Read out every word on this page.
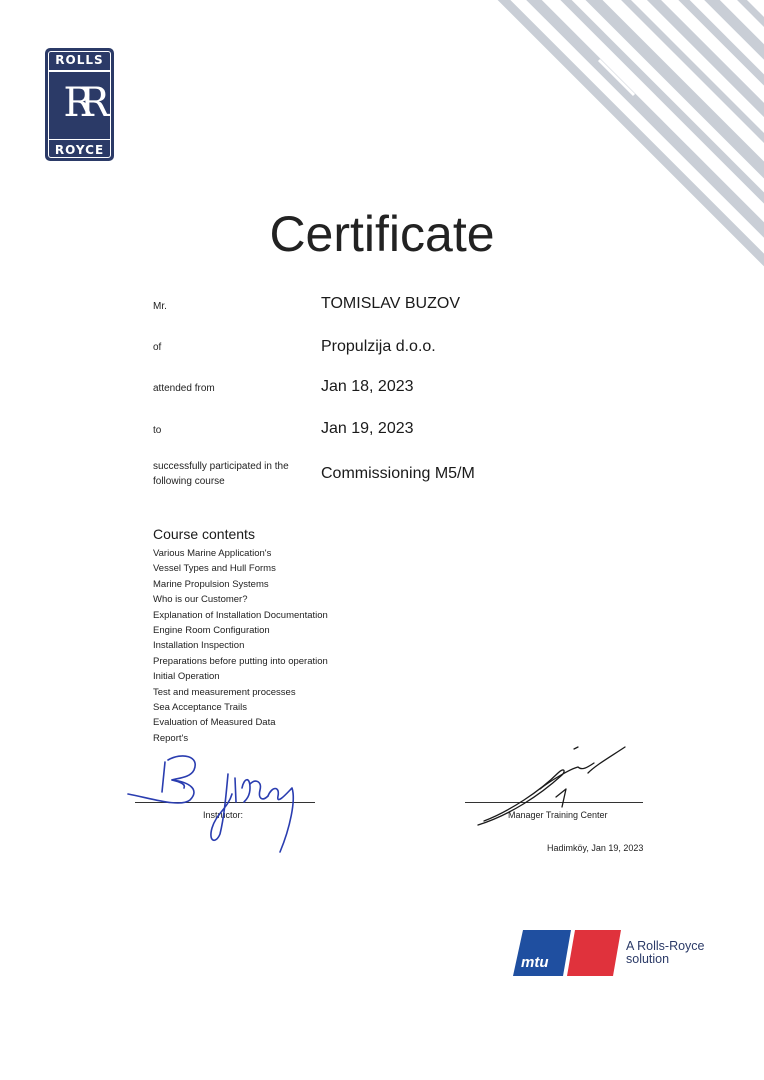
ROLLS
RR
ROYCE
Certificate
Mr.	TOMISLAV BUZOV
of	Propulzija d.o.o.
attended from	Jan 18, 2023
to	Jan 19, 2023
successfully participated in the
following course	Commissioning M5/M
Course contents
Various Marine Application's
Vessel Types and Hull Forms
Marine Propulsion Systems
Who is our Customer?
Explanation of Installation Documentation
Engine Room Configuration
Installation Inspection
Preparations before putting into operation
Initial Operation
Test and measurement processes
Sea Acceptance Trails
Evaluation of Measured Data
Report's
Instructor:	Manager Training Center
Hadimköy, Jan 19, 2023
mtu
A Rolls-Royce
solution
